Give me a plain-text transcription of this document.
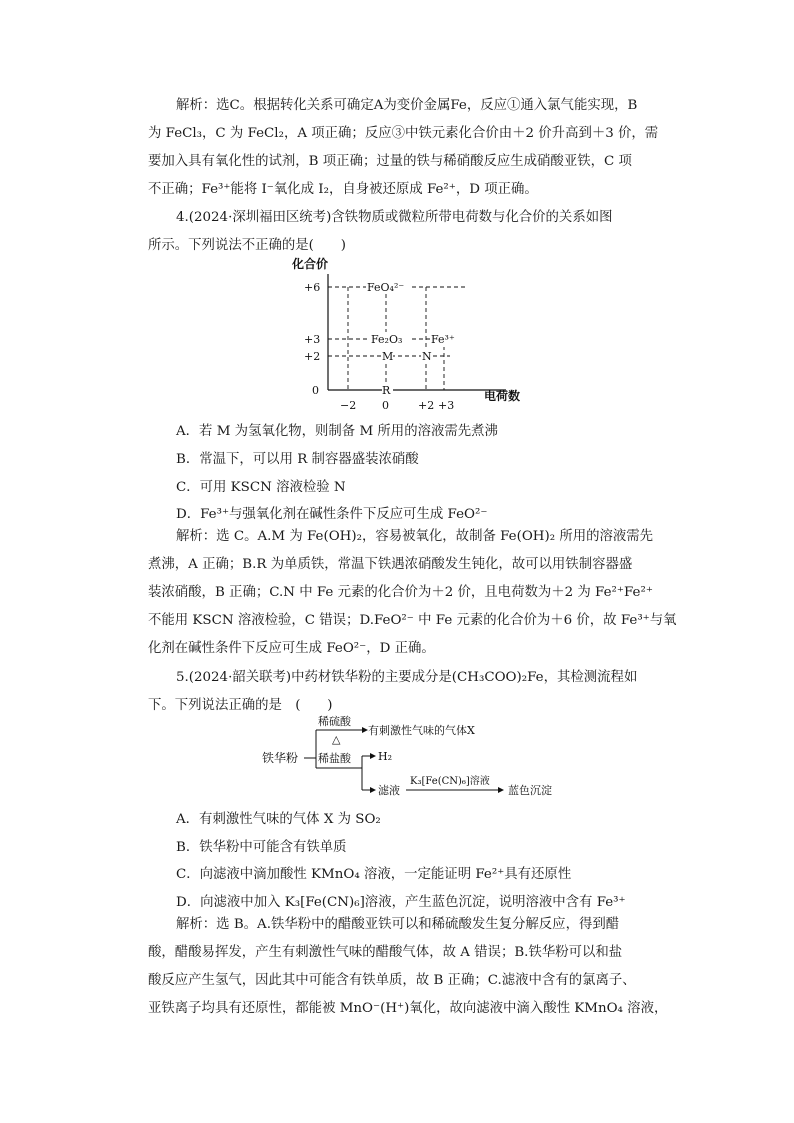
解析：选C。根据转化关系可确定A为变价金属Fe，反应①通入氯气能实现，B
为 FeCl₃，C 为 FeCl₂，A 项正确；反应③中铁元素化合价由＋2 价升高到＋3 价，需
要加入具有氧化性的试剂，B 项正确；过量的铁与稀硝酸反应生成硝酸亚铁，C 项
不正确；Fe³⁺能将 I⁻氧化成 I₂，自身被还原成 Fe²⁺，D 项正确。
4.(2024·深圳福田区统考)含铁物质或微粒所带电荷数与化合价的关系如图
所示。下列说法不正确的是(　　)
化合价
电荷数
+6
+3
+2
0
−2 0	+2 +3
FeO₄²⁻
Fe₂O₃	Fe³⁺
M	N
R
A．若 M 为氢氧化物，则制备 M 所用的溶液需先煮沸
B．常温下，可以用 R 制容器盛装浓硝酸
C．可用 KSCN 溶液检验 N
D．Fe³⁺与强氧化剂在碱性条件下反应可生成 FeO²⁻
解析：选 C。A.M 为 Fe(OH)₂，容易被氧化，故制备 Fe(OH)₂ 所用的溶液需先
煮沸，A 正确；B.R 为单质铁，常温下铁遇浓硝酸发生钝化，故可以用铁制容器盛
装浓硝酸，B 正确；C.N 中 Fe 元素的化合价为＋2 价，且电荷数为＋2 为 Fe²⁺Fe²⁺
不能用 KSCN 溶液检验，C 错误；D.FeO²⁻ 中 Fe 元素的化合价为＋6 价，故 Fe³⁺与氧
化剂在碱性条件下反应可生成 FeO²⁻，D 正确。
5.(2024·韶关联考)中药材铁华粉的主要成分是(CH₃COO)₂Fe，其检测流程如
下。下列说法正确的是　(　　)
铁华粉
稀硫酸
△
有刺激性气味的气体X
稀盐酸 H₂
滤液
K₃[Fe(CN)₆]溶液
蓝色沉淀
A．有刺激性气味的气体 X 为 SO₂
B．铁华粉中可能含有铁单质
C．向滤液中滴加酸性 KMnO₄ 溶液，一定能证明 Fe²⁺具有还原性
D．向滤液中加入 K₃[Fe(CN)₆]溶液，产生蓝色沉淀，说明溶液中含有 Fe³⁺
解析：选 B。A.铁华粉中的醋酸亚铁可以和稀硫酸发生复分解反应，得到醋
酸，醋酸易挥发，产生有刺激性气味的醋酸气体，故 A 错误；B.铁华粉可以和盐
酸反应产生氢气，因此其中可能含有铁单质，故 B 正确；C.滤液中含有的氯离子、
亚铁离子均具有还原性，都能被 MnO⁻(H⁺)氧化，故向滤液中滴入酸性 KMnO₄ 溶液，
